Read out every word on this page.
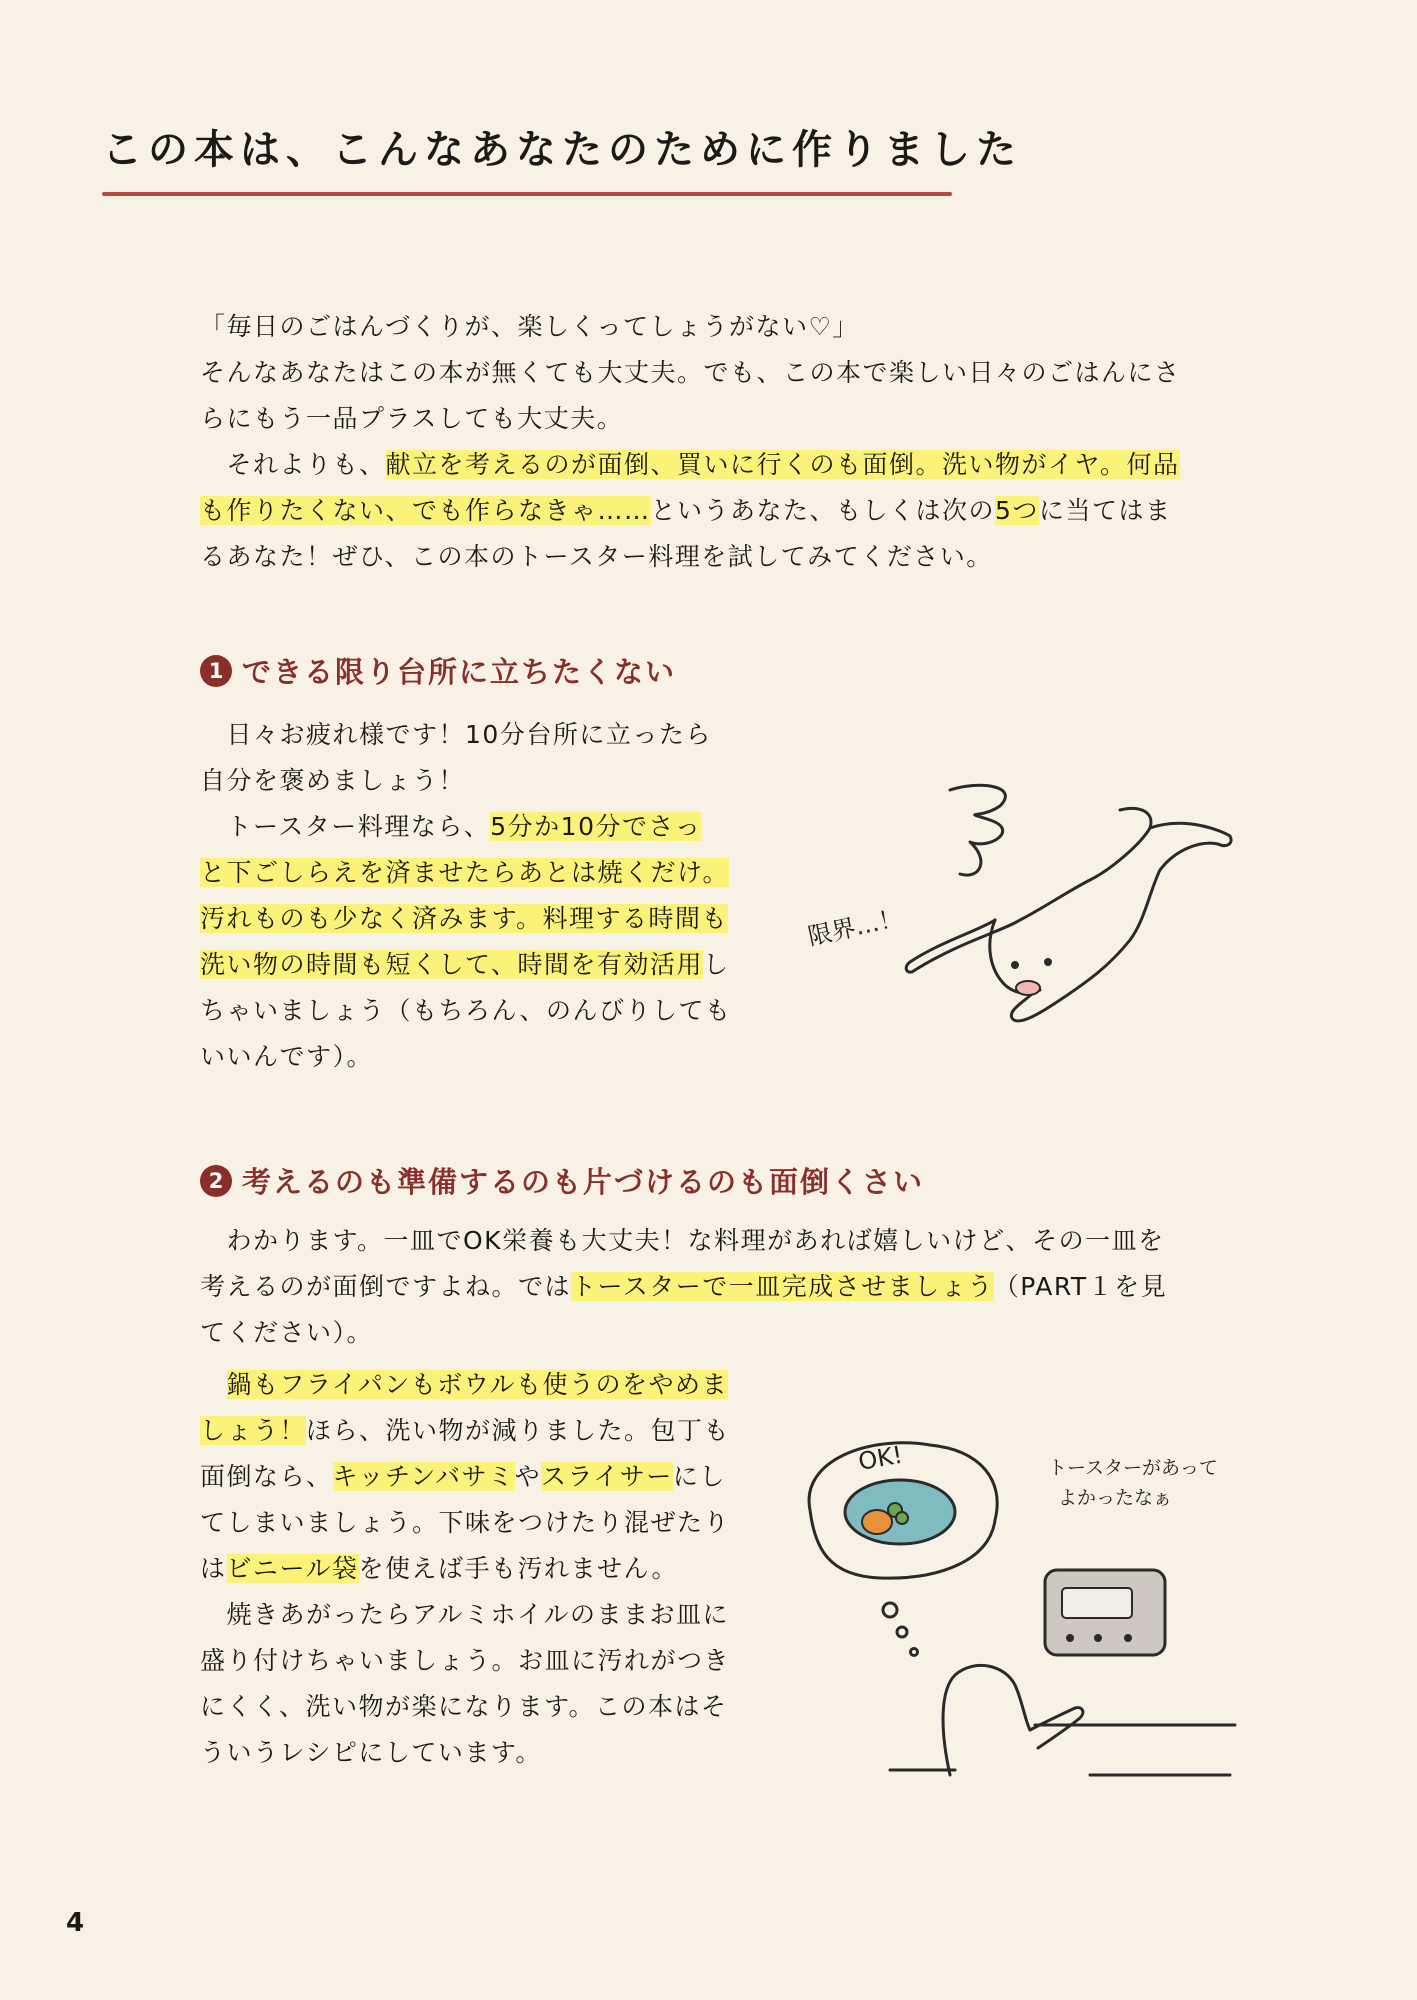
この本は、こんなあなたのために作りました
「毎日のごはんづくりが、楽しくってしょうがない♡」
そんなあなたはこの本が無くても大丈夫。でも、この本で楽しい日々のごはんにさ
らにもう一品プラスしても大丈夫。
　それよりも、献立を考えるのが面倒、買いに行くのも面倒。洗い物がイヤ。何品
も作りたくない、でも作らなきゃ……というあなた、もしくは次の5つに当てはま
るあなた！ぜひ、この本のトースター料理を試してみてください。
1 できる限り台所に立ちたくない
　日々お疲れ様です！10分台所に立ったら
自分を褒めましょう！
　トースター料理なら、5分か10分でさっ
と下ごしらえを済ませたらあとは焼くだけ。
汚れものも少なく済みます。料理する時間も
洗い物の時間も短くして、時間を有効活用し
ちゃいましょう（もちろん、のんびりしても
いいんです）。
限界…！
2 考えるのも準備するのも片づけるのも面倒くさい
　わかります。一皿でOK栄養も大丈夫！な料理があれば嬉しいけど、その一皿を
考えるのが面倒ですよね。ではトースターで一皿完成させましょう（PART１を見
てください）。
　鍋もフライパンもボウルも使うのをやめま
しょう！ほら、洗い物が減りました。包丁も
面倒なら、キッチンバサミやスライサーにし
てしまいましょう。下味をつけたり混ぜたり
はビニール袋を使えば手も汚れません。
　焼きあがったらアルミホイルのままお皿に
盛り付けちゃいましょう。お皿に汚れがつき
にくく、洗い物が楽になります。この本はそ
ういうレシピにしています。
OK!	トースターがあって
よかったなぁ
4
